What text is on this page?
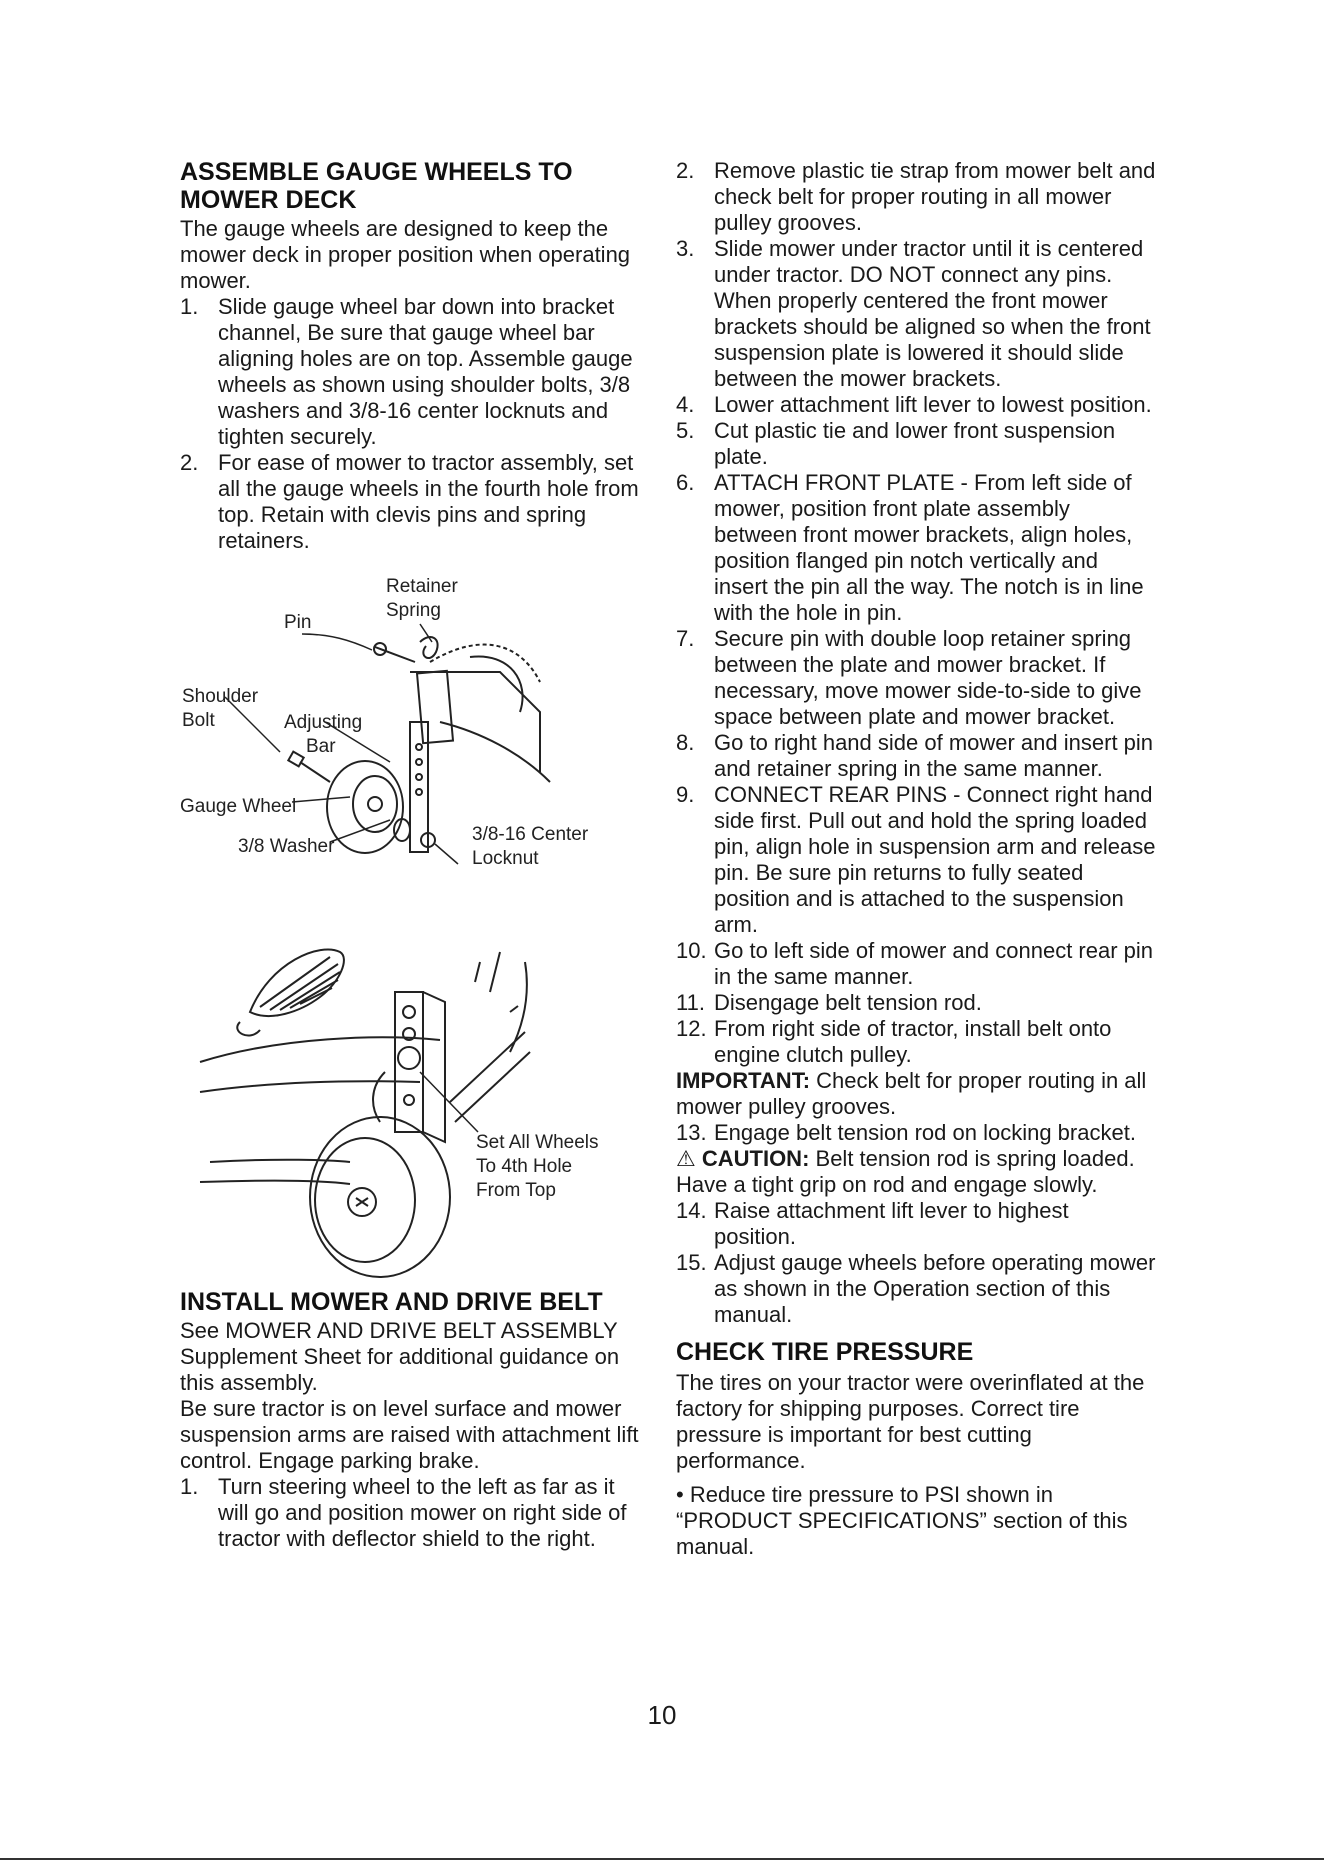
ASSEMBLE GAUGE WHEELS TO MOWER DECK

The gauge wheels are designed to keep the mower deck in proper position when operating mower.

1. Slide gauge wheel bar down into bracket channel, Be sure that gauge wheel bar aligning holes are on top. Assemble gauge wheels as shown using shoulder bolts, 3/8 washers and 3/8-16 center locknuts and tighten securely.
2. For ease of mower to tractor assembly, set all the gauge wheels in the fourth hole from top. Retain with clevis pins and spring retainers.
Retainer
Spring
Pin
Shoulder
Bolt	Adjusting
Bar
Gauge Wheel
3/8 Washer
3/8-16 Center
Locknut
Set All Wheels
To 4th Hole
From Top
INSTALL MOWER AND DRIVE BELT

See MOWER AND DRIVE BELT ASSEMBLY Supplement Sheet for additional guidance on this assembly.

Be sure tractor is on level surface and mower suspension arms are raised with attachment lift control. Engage parking brake.

1. Turn steering wheel to the left as far as it will go and position mower on right side of tractor with deflector shield to the right.
2. Remove plastic tie strap from mower belt and check belt for proper routing in all mower pulley grooves.
3. Slide mower under tractor until it is centered under tractor. DO NOT connect any pins. When properly centered the front mower brackets should be aligned so when the front suspension plate is lowered it should slide between the mower brackets.
4. Lower attachment lift lever to lowest position.
5. Cut plastic tie and lower front suspension plate.
6. ATTACH FRONT PLATE - From left side of mower, position front plate assembly between front mower brackets, align holes, position flanged pin notch vertically and insert the pin all the way. The notch is in line with the hole in pin.
7. Secure pin with double loop retainer spring between the plate and mower bracket. If necessary, move mower side-to-side to give space between plate and mower bracket.
8. Go to right hand side of mower and insert pin and retainer spring in the same manner.
9. CONNECT REAR PINS - Connect right hand side first. Pull out and hold the spring loaded pin, align hole in suspension arm and release pin. Be sure pin returns to fully seated position and is attached to the suspension arm.
10. Go to left side of mower and connect rear pin in the same manner.
11. Disengage belt tension rod.
12. From right side of tractor, install belt onto engine clutch pulley.

IMPORTANT: Check belt for proper routing in all mower pulley grooves.

13. Engage belt tension rod on locking bracket.

⚠ CAUTION: Belt tension rod is spring loaded. Have a tight grip on rod and engage slowly.

14. Raise attachment lift lever to highest position.
15. Adjust gauge wheels before operating mower as shown in the Operation section of this manual.
CHECK TIRE PRESSURE

The tires on your tractor were overinflated at the factory for shipping purposes. Correct tire pressure is important for best cutting performance.

• Reduce tire pressure to PSI shown in “PRODUCT SPECIFICATIONS” section of this manual.

10
